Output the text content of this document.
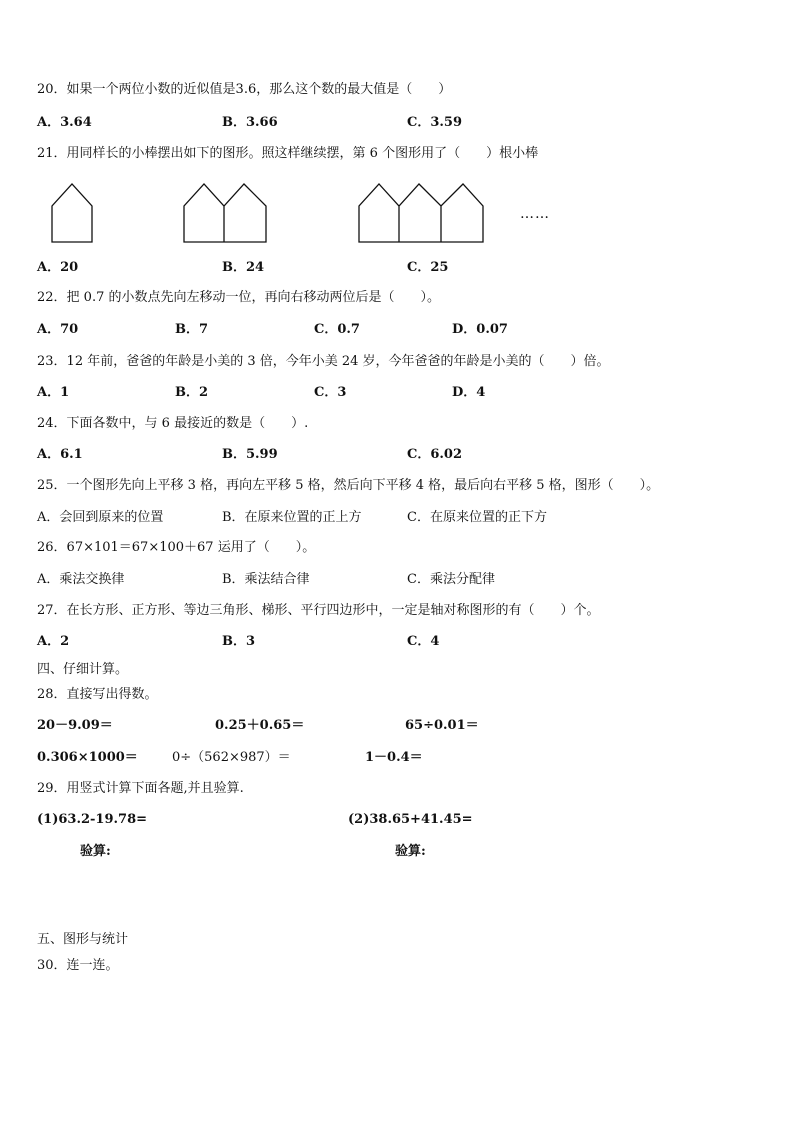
20．如果一个两位小数的近似值是3.6，那么这个数的最大值是（　　）
A．3.64	B．3.66	C．3.59
21．用同样长的小棒摆出如下的图形。照这样继续摆，第 6 个图形用了（　　）根小棒
……
A．20	B．24	C．25
22．把 0.7 的小数点先向左移动一位，再向右移动两位后是（　　）。
A．70	B．7	C．0.7	D．0.07
23．12 年前，爸爸的年龄是小美的 3 倍，今年小美 24 岁，今年爸爸的年龄是小美的（　　）倍。
A．1	B．2	C．3	D．4
24．下面各数中，与 6 最接近的数是（　　）.
A．6.1	B．5.99	C．6.02
25．一个图形先向上平移 3 格，再向左平移 5 格，然后向下平移 4 格，最后向右平移 5 格，图形（　　）。
A．会回到原来的位置	B．在原来位置的正上方	C．在原来位置的正下方
26．67×101＝67×100＋67 运用了（　　）。
A．乘法交换律	B．乘法结合律	C．乘法分配律
27．在长方形、正方形、等边三角形、梯形、平行四边形中，一定是轴对称图形的有（　　）个。
A．2	B．3	C．4
四、仔细计算。
28．直接写出得数。
20－9.09＝	0.25＋0.65＝	65÷0.01＝
0.306×1000＝	0÷（562×987）＝	1－0.4＝
29．用竖式计算下面各题,并且验算.
(1)63.2-19.78=	(2)38.65+41.45=
验算:	验算:
五、图形与统计
30．连一连。
